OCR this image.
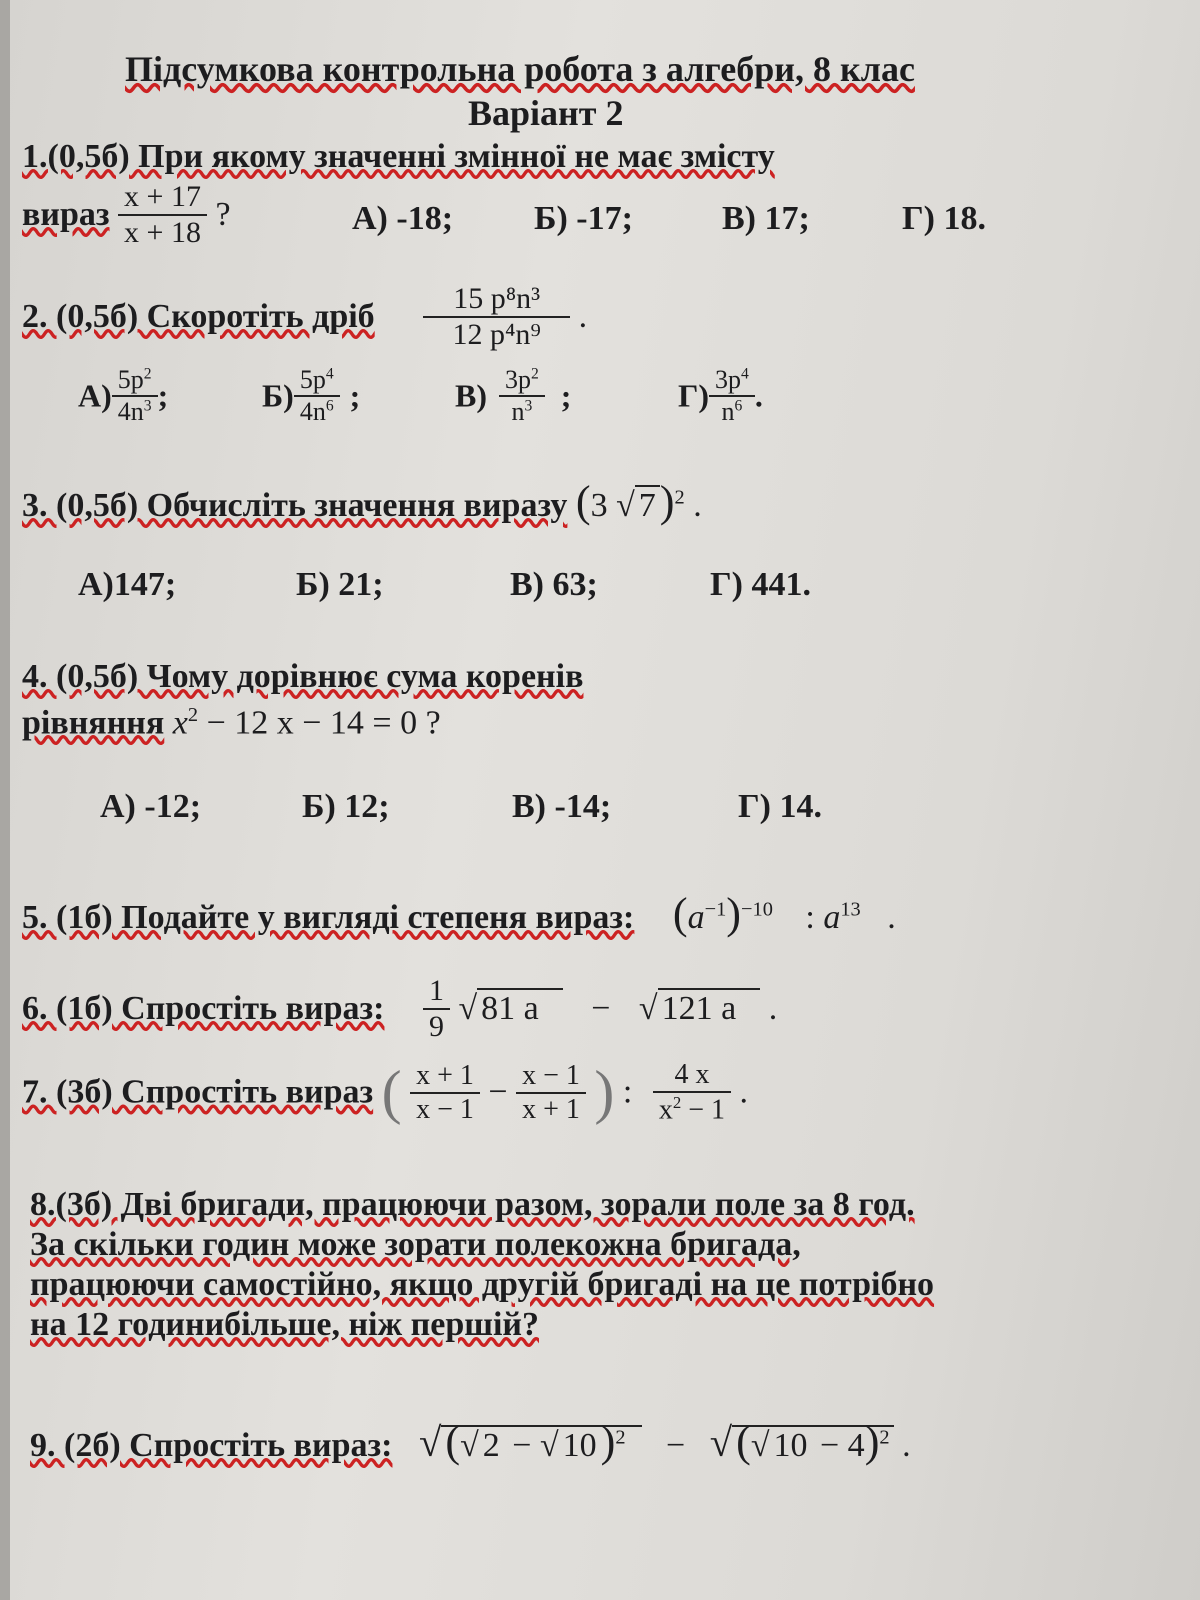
Підсумкова контрольна робота з алгебри, 8 клас
Варіант 2
1.(0,5б) При якому значенні змінної не має змісту
вираз $\frac{x + 17}{x + 18}$ ?	А) -18; Б) -17;	В) 17;	Г) 18.
2. (0,5б) Скоротіть дріб $\frac{\text{15 p⁸n³}}{\text{12 p⁴n⁹}}$ .
$А) \frac{5p^2}{4n^3}$ ;	$Б) \frac{5p^4}{4n^6}$ ;	$В) \frac{3p^2}{n^3}$ ;	$Г) \frac{3p^4}{n^6}$ .
3. (0,5б) Обчисліть значення виразу (3 √ 7)$^2$ .
А)147;	Б) 21;	В) 63;	Г) 441.
4. (0,5б) Чому дорівнює сума коренів
рівняння $x^2 - 12$ x − 14 = 0 ?
А) -12;	Б) 12;	В) -14;	Г) 14.
5. (1б) Подайте у вигляді степеня вираз: $(a^{-1})^{-10}$ : $a^{13}$ .
6. (1б) Спростіть вираз: $\frac{1}{9}$ √ 81 a − √ 121 a .
7. (3б) Спростіть вираз ( $\frac{x + 1}{x - 1} - \frac{x - 1}{x + 1}$ ) : $\frac{4 x}{x^2 - 1}$ .
8.(3б) Дві бригади, працюючи разом, зорали поле за 8 год.
За скільки годин може зорати полекожна бригада,
працюючи самостійно, якщо другій бригаді на це потрібно
на 12 годинибільше, ніж першій?
9. (2б) Спростіть вираз: √(√ 2 − √ 10)$^2$ − √(√ 10 − 4)$^2$ .
